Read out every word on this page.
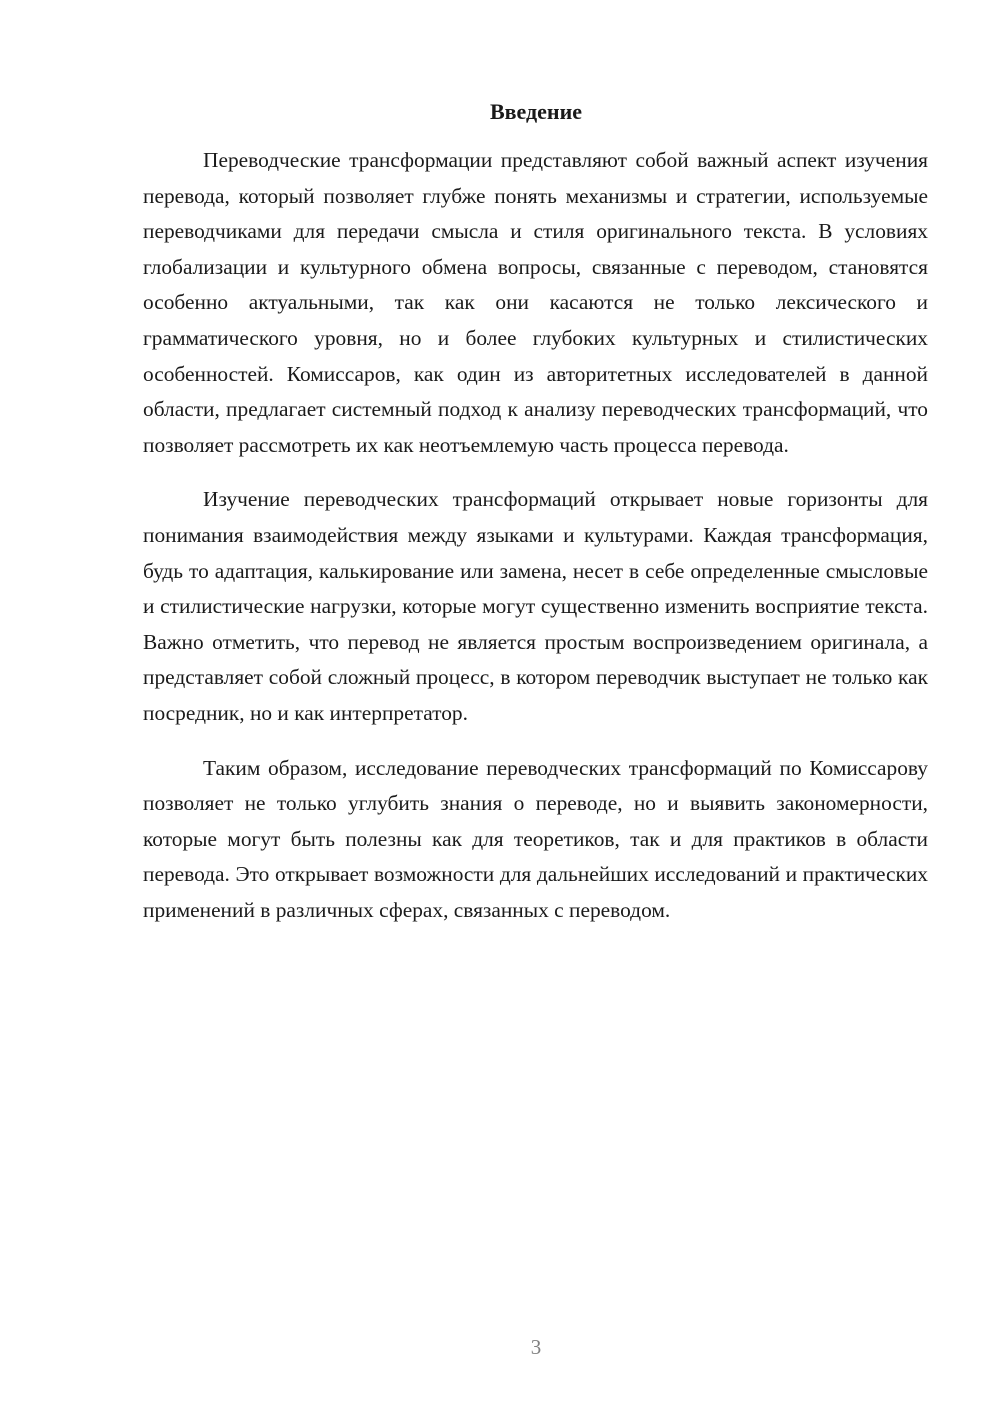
Введение

Переводческие трансформации представляют собой важный аспект изучения перевода, который позволяет глубже понять механизмы и стратегии, используемые переводчиками для передачи смысла и стиля оригинального текста. В условиях глобализации и культурного обмена вопросы, связанные с переводом, становятся особенно актуальными, так как они касаются не только лексического и грамматического уровня, но и более глубоких культурных и стилистических особенностей. Комиссаров, как один из авторитетных исследователей в данной области, предлагает системный подход к анализу переводческих трансформаций, что позволяет рассмотреть их как неотъемлемую часть процесса перевода.

Изучение переводческих трансформаций открывает новые горизонты для понимания взаимодействия между языками и культурами. Каждая трансформация, будь то адаптация, калькирование или замена, несет в себе определенные смысловые и стилистические нагрузки, которые могут существенно изменить восприятие текста. Важно отметить, что перевод не является простым воспроизведением оригинала, а представляет собой сложный процесс, в котором переводчик выступает не только как посредник, но и как интерпретатор.

Таким образом, исследование переводческих трансформаций по Комиссарову позволяет не только углубить знания о переводе, но и выявить закономерности, которые могут быть полезны как для теоретиков, так и для практиков в области перевода. Это открывает возможности для дальнейших исследований и практических применений в различных сферах, связанных с переводом.

3
